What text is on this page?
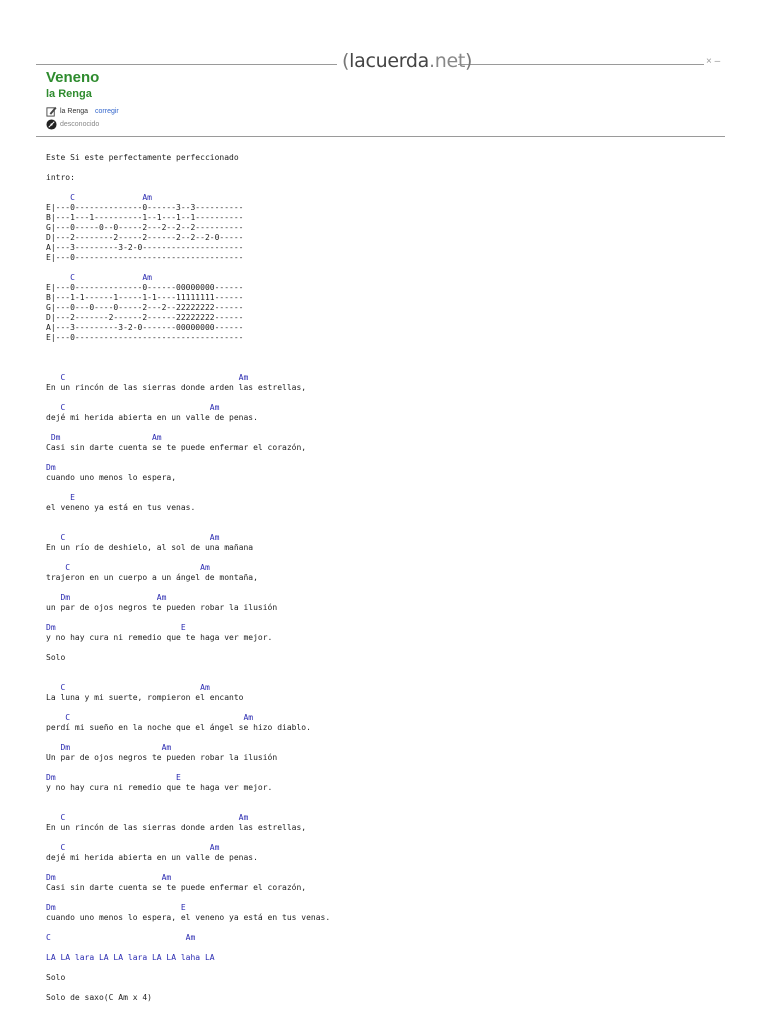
(lacuerda.net)	× –
Veneno
la Renga
la Renga corregir
desconocido
Este Si este perfectamente perfeccionado

intro:

C              Am
E|---0--------------0------3--3----------
B|---1---1----------1--1---1--1----------
G|---0-----0--0-----2---2--2--2----------
D|---2--------2-----2------2--2--2-0-----
A|---3---------3-2-0---------------------
E|---0-----------------------------------

C              Am
E|---0--------------0------00000000------
B|---1-1------1-----1-1----11111111------
G|---0---0----0-----2---2--22222222------
D|---2-------2------2------22222222------
A|---3---------3-2-0-------00000000------
E|---0-----------------------------------

C                                    Am
En un rincón de las sierras donde arden las estrellas,

C                              Am
dejé mi herida abierta en un valle de penas.

Dm                   Am
Casi sin darte cuenta se te puede enfermar el corazón,

Dm
cuando uno menos lo espera,

E
el veneno ya está en tus venas.

C                              Am
En un río de deshielo, al sol de una mañana

C                           Am
trajeron en un cuerpo a un ángel de montaña,

Dm                  Am
un par de ojos negros te pueden robar la ilusión

Dm                          E
y no hay cura ni remedio que te haga ver mejor.

Solo

C                            Am
La luna y mi suerte, rompieron el encanto

C                                    Am
perdí mi sueño en la noche que el ángel se hizo diablo.

Dm                   Am
Un par de ojos negros te pueden robar la ilusión

Dm                         E
y no hay cura ni remedio que te haga ver mejor.

C                                    Am
En un rincón de las sierras donde arden las estrellas,

C                              Am
dejé mi herida abierta en un valle de penas.

Dm                      Am
Casi sin darte cuenta se te puede enfermar el corazón,

Dm                          E
cuando uno menos lo espera, el veneno ya está en tus venas.

C                            Am

LA LA lara LA LA lara LA LA laha LA

Solo

Solo de saxo(C Am x 4)
